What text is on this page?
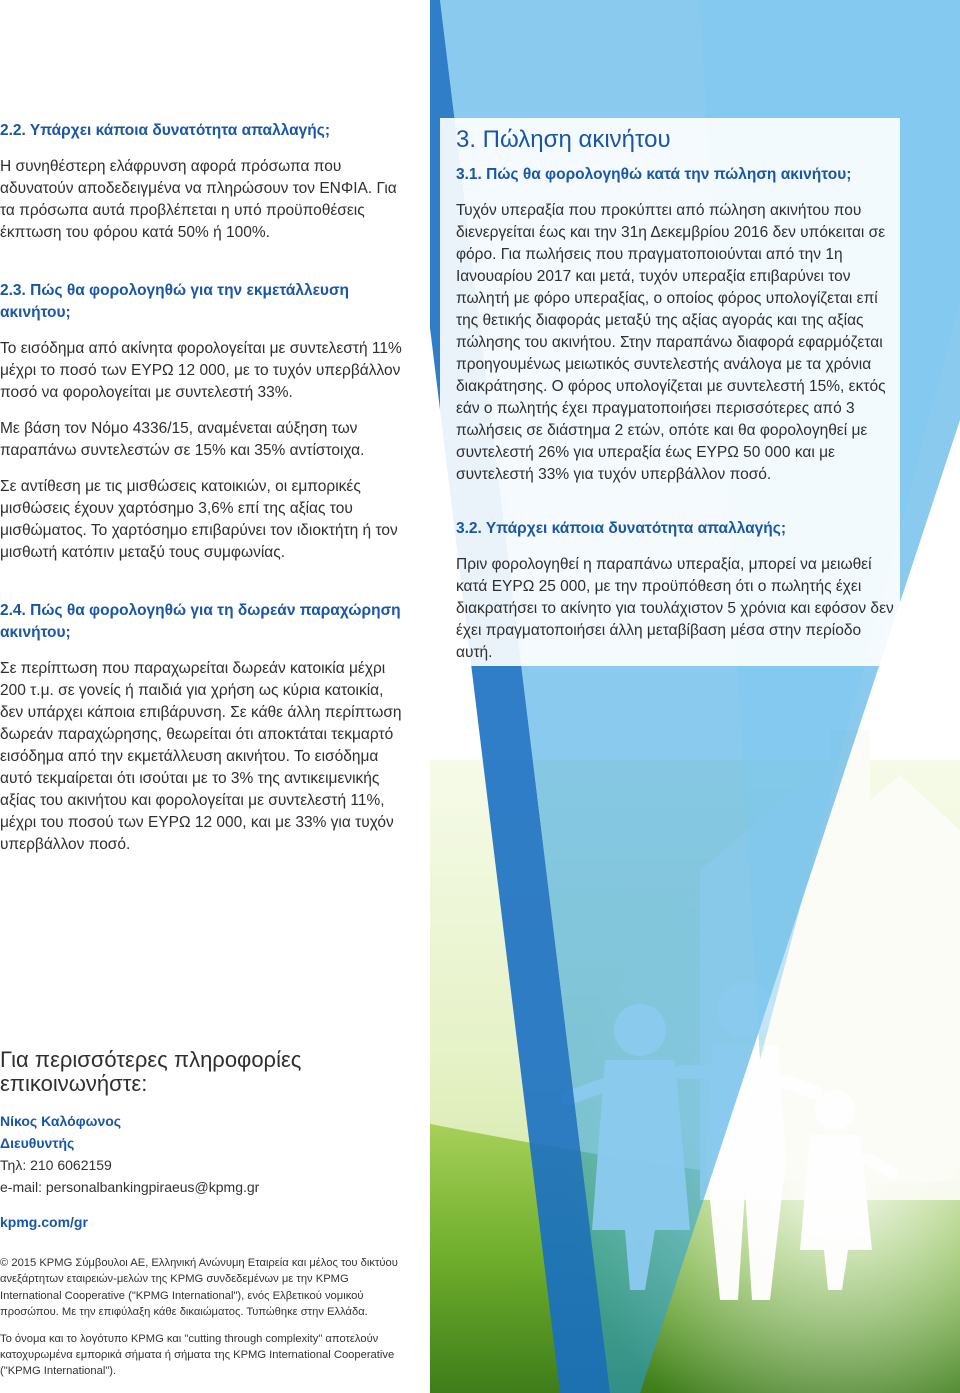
2.2. Υπάρχει κάποια δυνατότητα απαλλαγής;

Η συνηθέστερη ελάφρυνση αφορά πρόσωπα που αδυνατούν αποδεδειγμένα να πληρώσουν τον ΕΝΦΙΑ. Για τα πρόσωπα αυτά προβλέπεται η υπό προϋποθέσεις έκπτωση του φόρου κατά 50% ή 100%.

2.3. Πώς θα φορολογηθώ για την εκμετάλλευση ακινήτου;

Το εισόδημα από ακίνητα φορολογείται με συντελεστή 11% μέχρι το ποσό των ΕΥΡΩ 12 000, με το τυχόν υπερβάλλον ποσό να φορολογείται με συντελεστή 33%.

Με βάση τον Νόμο 4336/15, αναμένεται αύξηση των παραπάνω συντελεστών σε 15% και 35% αντίστοιχα.

Σε αντίθεση με τις μισθώσεις κατοικιών, οι εμπορικές μισθώσεις έχουν χαρτόσημο 3,6% επί της αξίας του μισθώματος. Το χαρτόσημο επιβαρύνει τον ιδιοκτήτη ή τον μισθωτή κατόπιν μεταξύ τους συμφωνίας.

2.4. Πώς θα φορολογηθώ για τη δωρεάν παραχώρηση ακινήτου;

Σε περίπτωση που παραχωρείται δωρεάν κατοικία μέχρι 200 τ.μ. σε γονείς ή παιδιά για χρήση ως κύρια κατοικία, δεν υπάρχει κάποια επιβάρυνση. Σε κάθε άλλη περίπτωση δωρεάν παραχώρησης, θεωρείται ότι αποκτάται τεκμαρτό εισόδημα από την εκμετάλλευση ακινήτου. Το εισόδημα αυτό τεκμαίρεται ότι ισούται με το 3% της αντικειμενικής αξίας του ακινήτου και φορολογείται με συντελεστή 11%, μέχρι του ποσού των ΕΥΡΩ 12 000, και με 33% για τυχόν υπερβάλλον ποσό.

3. Πώληση ακινήτου
3.1. Πώς θα φορολογηθώ κατά την πώληση ακινήτου;

Τυχόν υπεραξία που προκύπτει από πώληση ακινήτου που διενεργείται έως και την 31η Δεκεμβρίου 2016 δεν υπόκειται σε φόρο. Για πωλήσεις που πραγματοποιούνται από την 1η Ιανουαρίου 2017 και μετά, τυχόν υπεραξία επιβαρύνει τον πωλητή με φόρο υπεραξίας, ο οποίος φόρος υπολογίζεται επί της θετικής διαφοράς μεταξύ της αξίας αγοράς και της αξίας πώλησης του ακινήτου. Στην παραπάνω διαφορά εφαρμόζεται προηγουμένως μειωτικός συντελεστής ανάλογα με τα χρόνια διακράτησης. Ο φόρος υπολογίζεται με συντελεστή 15%, εκτός εάν ο πωλητής έχει πραγματοποιήσει περισσότερες από 3 πωλήσεις σε διάστημα 2 ετών, οπότε και θα φορολογηθεί με συντελεστή 26% για υπεραξία έως ΕΥΡΩ 50 000 και με συντελεστή 33% για τυχόν υπερβάλλον ποσό.

3.2. Υπάρχει κάποια δυνατότητα απαλλαγής;

Πριν φορολογηθεί η παραπάνω υπεραξία, μπορεί να μειωθεί κατά ΕΥΡΩ 25 000, με την προϋπόθεση ότι ο πωλητής έχει διακρατήσει το ακίνητο για τουλάχιστον 5 χρόνια και εφόσον δεν έχει πραγματοποιήσει άλλη μεταβίβαση μέσα στην περίοδο αυτή.

Για περισσότερες πληροφορίες
επικοινωνήστε:
Νίκος Καλόφωνος
Διευθυντής
Τηλ: 210 6062159
e-mail: personalbankingpiraeus@kpmg.gr
kpmg.com/gr

© 2015 KPMG Σύμβουλοι ΑΕ, Ελληνική Ανώνυμη Εταιρεία και μέλος του δικτύου ανεξάρτητων εταιρειών-μελών της KPMG συνδεδεμένων με την KPMG International Cooperative ("KPMG International"), ενός Ελβετικού νομικού προσώπου. Με την επιφύλαξη κάθε δικαιώματος. Τυπώθηκε στην Ελλάδα.

Το όνομα και το λογότυπο KPMG και "cutting through complexity" αποτελούν κατοχυρωμένα εμπορικά σήματα ή σήματα της KPMG International Cooperative ("KPMG International").
